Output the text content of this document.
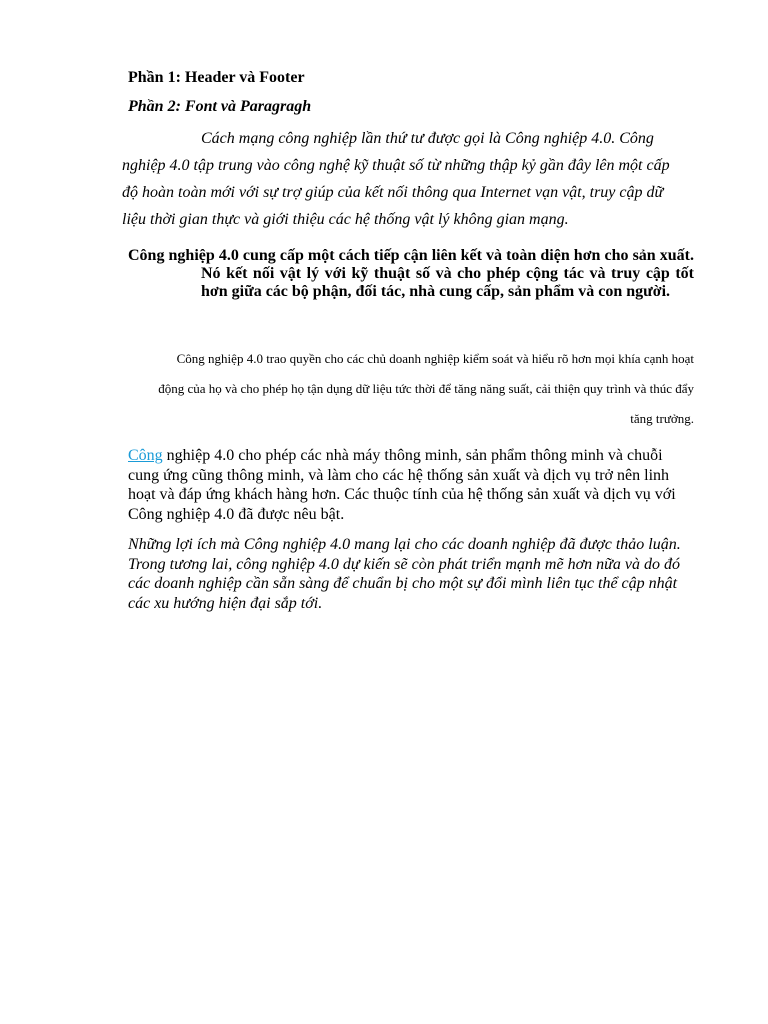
Phần 1: Header và Footer

Phần 2: Font và Paragragh

Cách mạng công nghiệp lần thứ tư được gọi là Công nghiệp 4.0. Công nghiệp 4.0 tập trung vào công nghệ kỹ thuật số từ những thập kỷ gần đây lên một cấp độ hoàn toàn mới với sự trợ giúp của kết nối thông qua Internet vạn vật, truy cập dữ liệu thời gian thực và giới thiệu các hệ thống vật lý không gian mạng.

Công nghiệp 4.0 cung cấp một cách tiếp cận liên kết và toàn diện hơn cho sản xuất. Nó kết nối vật lý với kỹ thuật số và cho phép cộng tác và truy cập tốt hơn giữa các bộ phận, đối tác, nhà cung cấp, sản phẩm và con người.

Công nghiệp 4.0 trao quyền cho các chủ doanh nghiệp kiểm soát và hiểu rõ hơn mọi khía cạnh hoạt động của họ và cho phép họ tận dụng dữ liệu tức thời để tăng năng suất, cải thiện quy trình và thúc đẩy tăng trưởng.

Công nghiệp 4.0 cho phép các nhà máy thông minh, sản phẩm thông minh và chuỗi cung ứng cũng thông minh, và làm cho các hệ thống sản xuất và dịch vụ trở nên linh hoạt và đáp ứng khách hàng hơn. Các thuộc tính của hệ thống sản xuất và dịch vụ với Công nghiệp 4.0 đã được nêu bật.

Những lợi ích mà Công nghiệp 4.0 mang lại cho các doanh nghiệp đã được thảo luận. Trong tương lai, công nghiệp 4.0 dự kiến sẽ còn phát triển mạnh mẽ hơn nữa và do đó các doanh nghiệp cần sẵn sàng để chuẩn bị cho một sự đổi mình liên tục thể cập nhật các xu hướng hiện đại sắp tới.
